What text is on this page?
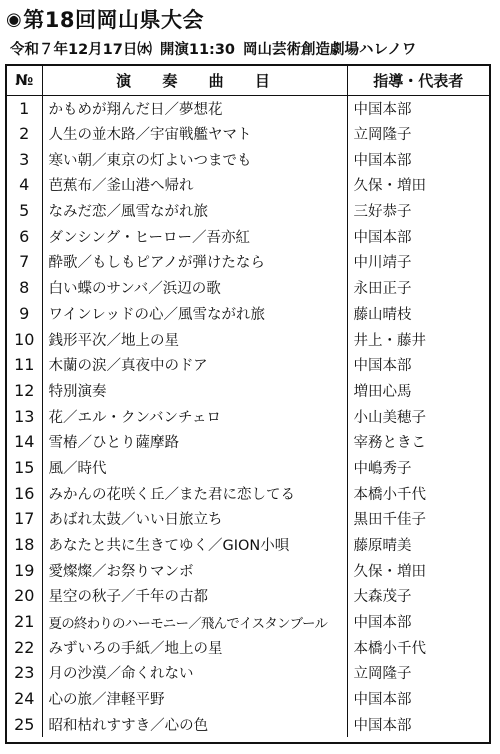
◉ 第18回岡山県大会
令和７年12月17日㈬ 開演11:30 岡山芸術創造劇場ハレノワ
№	演 奏 曲 目	指導・代表者
1	かもめが翔んだ日／夢想花	中国本部
2	人生の並木路／宇宙戦艦ヤマト	立岡隆子
3	寒い朝／東京の灯よいつまでも	中国本部
4	芭蕉布／釜山港へ帰れ	久保・増田
5	なみだ恋／風雪ながれ旅	三好恭子
6	ダンシング・ヒーロー／吾亦紅	中国本部
7	酔歌／もしもピアノが弾けたなら	中川靖子
8	白い蝶のサンバ／浜辺の歌	永田正子
9	ワインレッドの心／風雪ながれ旅	藤山晴枝
10	銭形平次／地上の星	井上・藤井
11	木蘭の涙／真夜中のドア	中国本部
12	特別演奏	増田心馬
13	花／エル・クンバンチェロ	小山美穂子
14	雪椿／ひとり薩摩路	宰務ときこ
15	風／時代	中嶋秀子
16	みかんの花咲く丘／また君に恋してる	本橋小千代
17	あばれ太鼓／いい日旅立ち	黒田千佳子
18	あなたと共に生きてゆく／GION小唄	藤原晴美
19	愛燦燦／お祭りマンボ	久保・増田
20	星空の秋子／千年の古都	大森茂子
21	夏の終わりのハーモニー／飛んでイスタンブール	中国本部
22	みずいろの手紙／地上の星	本橋小千代
23	月の沙漠／命くれない	立岡隆子
24	心の旅／津軽平野	中国本部
25	昭和枯れすすき／心の色	中国本部
